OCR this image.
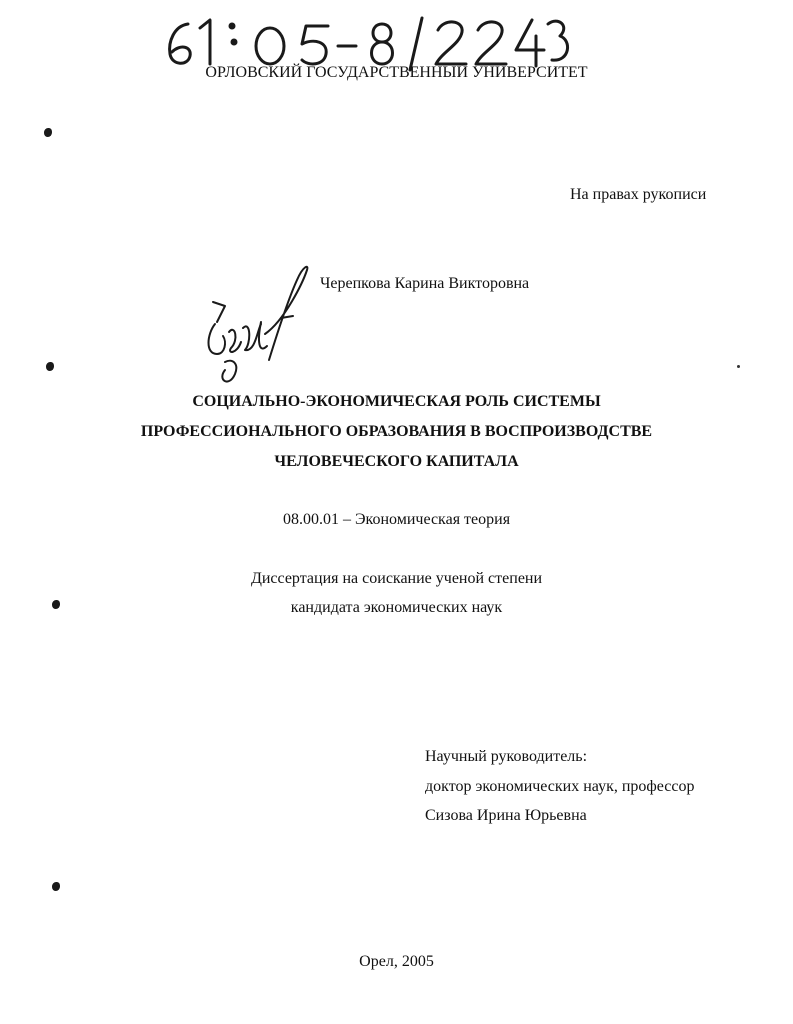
ОРЛОВСКИЙ ГОСУДАРСТВЕННЫЙ УНИВЕРСИТЕТ
На правах рукописи
Черепкова Карина Викторовна
СОЦИАЛЬНО-ЭКОНОМИЧЕСКАЯ РОЛЬ СИСТЕМЫ
ПРОФЕССИОНАЛЬНОГО ОБРАЗОВАНИЯ В ВОСПРОИЗВОДСТВЕ
ЧЕЛОВЕЧЕСКОГО КАПИТАЛА
08.00.01 – Экономическая теория
Диссертация на соискание ученой степени
кандидата экономических наук
Научный руководитель:
доктор экономических наук, профессор
Сизова Ирина Юрьевна
Орел, 2005
